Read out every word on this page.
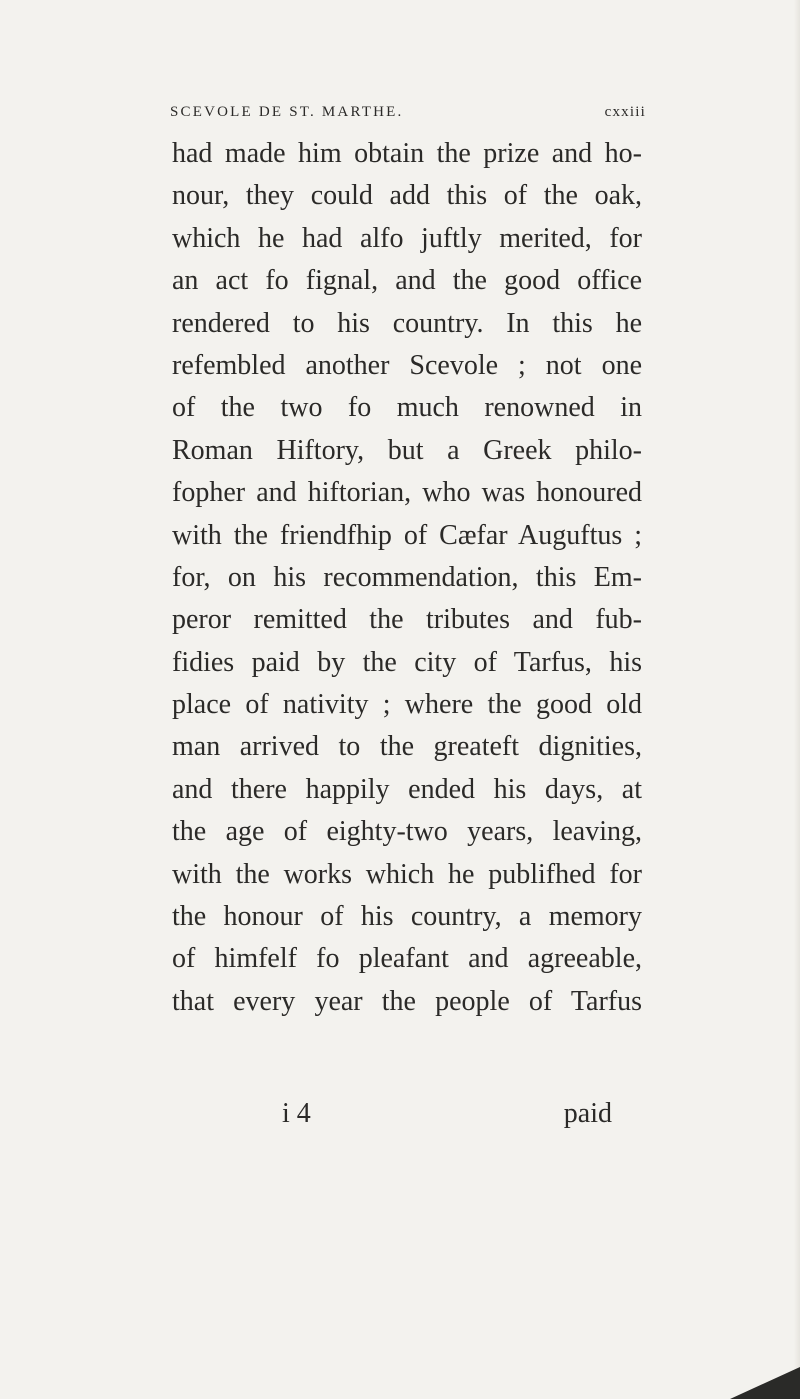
SCEVOLE DE ST. MARTHE.	cxxiii
had made him obtain the prize and ho-
nour, they could add this of the oak,
which he had alfo juftly merited, for
an act fo fignal, and the good office
rendered to his country. In this he
refembled another Scevole ; not one
of the two fo much renowned in
Roman Hiftory, but a Greek philo-
fopher and hiftorian, who was honoured
with the friendfhip of Cæfar Auguftus ;
for, on his recommendation, this Em-
peror remitted the tributes and fub-
fidies paid by the city of Tarfus, his
place of nativity ; where the good old
man arrived to the greateft dignities,
and there happily ended his days, at
the age of eighty-two years, leaving,
with the works which he publifhed for
the honour of his country, a memory
of himfelf fo pleafant and agreeable,
that every year the people of Tarfus
i 4	paid
